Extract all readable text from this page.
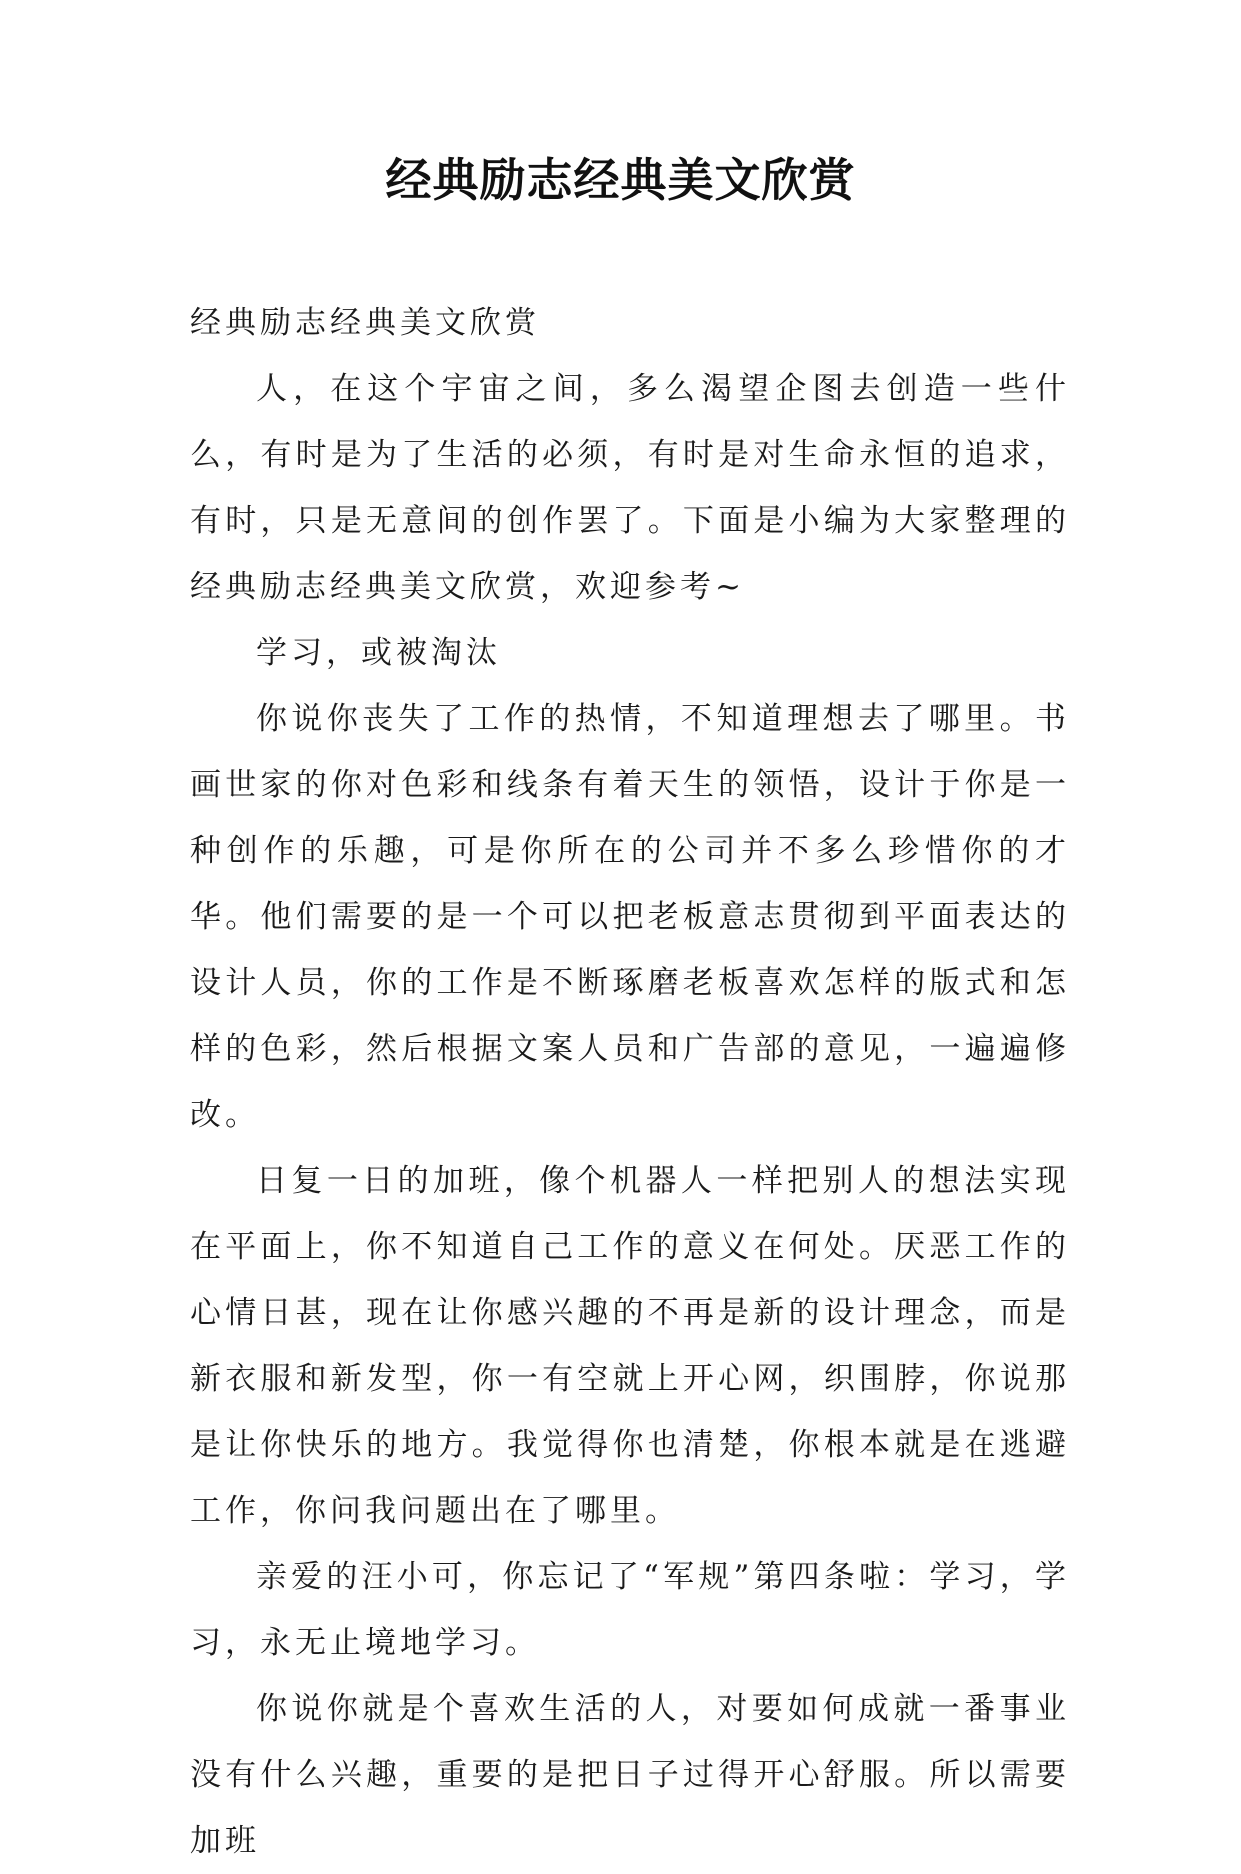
经典励志经典美文欣赏

经典励志经典美文欣赏

人，在这个宇宙之间，多么渴望企图去创造一些什么，有时是为了生活的必须，有时是对生命永恒的追求，有时，只是无意间的创作罢了。下面是小编为大家整理的经典励志经典美文欣赏，欢迎参考~

学习，或被淘汰

你说你丧失了工作的热情，不知道理想去了哪里。书画世家的你对色彩和线条有着天生的领悟，设计于你是一种创作的乐趣，可是你所在的公司并不多么珍惜你的才华。他们需要的是一个可以把老板意志贯彻到平面表达的设计人员，你的工作是不断琢磨老板喜欢怎样的版式和怎样的色彩，然后根据文案人员和广告部的意见，一遍遍修改。

日复一日的加班，像个机器人一样把别人的想法实现在平面上，你不知道自己工作的意义在何处。厌恶工作的心情日甚，现在让你感兴趣的不再是新的设计理念，而是新衣服和新发型，你一有空就上开心网，织围脖，你说那是让你快乐的地方。我觉得你也清楚，你根本就是在逃避工作，你问我问题出在了哪里。

亲爱的汪小可，你忘记了“军规”第四条啦：学习，学习，永无止境地学习。

你说你就是个喜欢生活的人，对要如何成就一番事业没有什么兴趣，重要的是把日子过得开心舒服。所以需要加班
